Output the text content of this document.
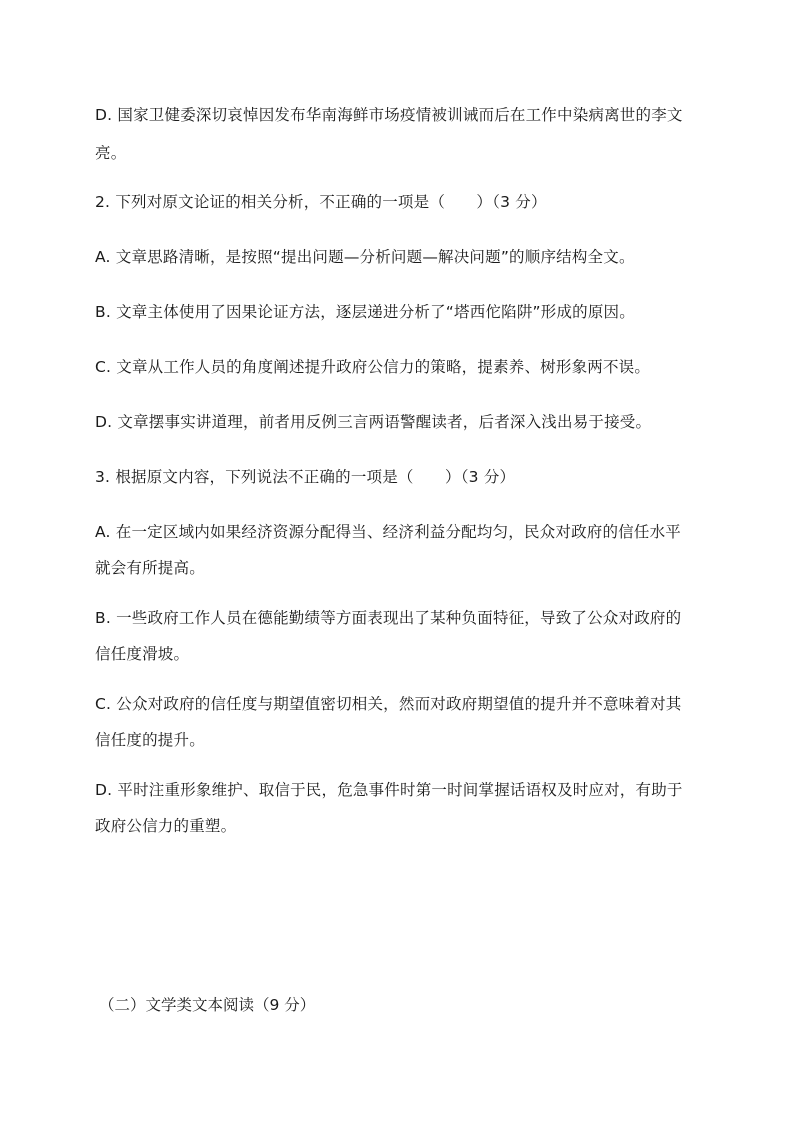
D. 国家卫健委深切哀悼因发布华南海鲜市场疫情被训诫而后在工作中染病离世的李文
亮。
2. 下列对原文论证的相关分析，不正确的一项是（　　）（3 分）
A. 文章思路清晰，是按照“提出问题—分析问题—解决问题”的顺序结构全文。
B. 文章主体使用了因果论证方法，逐层递进分析了“塔西佗陷阱”形成的原因。
C. 文章从工作人员的角度阐述提升政府公信力的策略，提素养、树形象两不误。
D. 文章摆事实讲道理，前者用反例三言两语警醒读者，后者深入浅出易于接受。
3. 根据原文内容，下列说法不正确的一项是（　　）（3 分）
A. 在一定区域内如果经济资源分配得当、经济利益分配均匀，民众对政府的信任水平
就会有所提高。
B. 一些政府工作人员在德能勤绩等方面表现出了某种负面特征，导致了公众对政府的
信任度滑坡。
C. 公众对政府的信任度与期望值密切相关，然而对政府期望值的提升并不意味着对其
信任度的提升。
D. 平时注重形象维护、取信于民，危急事件时第一时间掌握话语权及时应对，有助于
政府公信力的重塑。
（二）文学类文本阅读（9 分）
